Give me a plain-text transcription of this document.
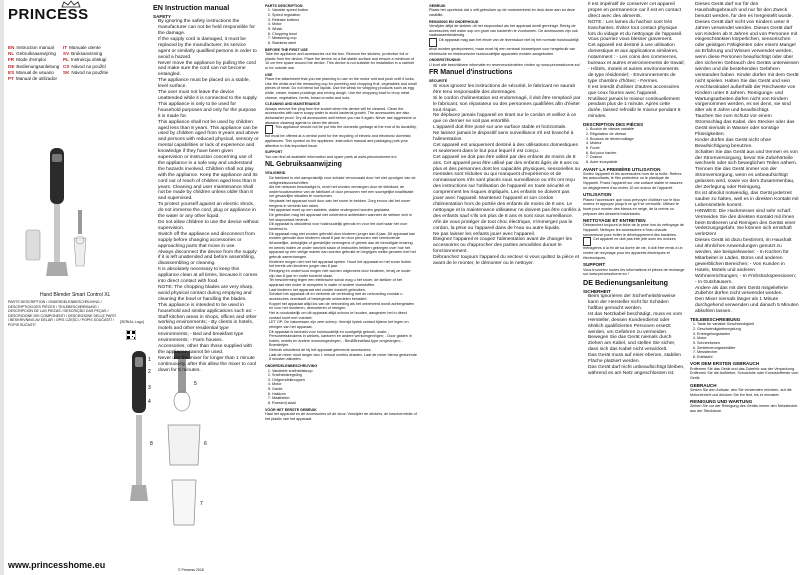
PRINCESS
EN Instruction manual	IT Manuale utente
NL Gebruiksaanwijzing	SV Bruksanvisning
FR Mode d'emploi	PL Instrukcja obsługi
DE Bedienungsanleitung CS Návod na použití
ES Manual de usuario	SK Návod na použitie
PT Manual de utilizador
Hand Blender Smart Control XL
PARTS DESCRIPTION / ONDERDELENBESCHRIJVING / DESCRIPTION DES PIÈCES / TEILEBESCHREIBUNG / DESCRIPCIÓN DE LAS PIEZAS / DESCRIÇÃO DAS PEÇAS / DESCRIZIONE DEI COMPONENTI / DESCRIZIONE DELLE PARTI / BESKRIVNING AV DELAR / OPIS CZĘŚCI / POPIS SOUČÁSTÍ / POPIS SÚČASTÍ
www.princesshome.eu
[SERIAL Logo]
1
2
3
4
8
5
6
7
© Princess 2018
EN Instruction manual
SAFETY
• By ignoring the safety instructions the manufacturer can not be held responsible for the damage.
• If the supply cord is damaged, it must be replaced by the manufacturer, its service agent or similarly qualified persons in order to avoid a hazard.
• Never move the appliance by pulling the cord and make sure the cord can not become entangled.
• The appliance must be placed on a stable, level surface.
• The user must not leave the device unattended while it is connected to the supply.
• This appliance is only to be used for household purposes and only for the purpose it is made for.
• This appliance shall not be used by children aged less than 8 years. This appliance can be used by children aged from 8 years and above and persons with reduced physical, sensory or mental capabilities or lack of experience and knowledge if they have been given supervision or instruction concerning use of the appliance in a safe way and understand the hazards involved. Children shall not play with the appliance. Keep the appliance and its cord out of reach of children aged less than 8 years. Cleaning and user maintenance shall not be made by children unless older than 8 and supervised.
• To protect yourself against an electric shock, do not immerse the cord, plug or appliance in the water or any other liquid.
• Do not allow children to use the device without supervision.
• Switch off the appliance and disconnect from supply before changing accessories or approaching parts that move in use.
• Always disconnect the device from the supply if it is left unattended and before assembling, disassembling or cleaning.
• It is absolutely necessary to keep this appliance clean at all times, because it comes into direct contact with food.
• NOTE: The chopping blades are very sharp, avoid physical contact during emptying and cleaning the bowl or handling the blades.
• This appliance is intended to be used in household and similar applications such as: - Staff kitchen areas in shops, offices and other working environments; - By clients in hotels, motels and other residential type environments; - Bed and breakfast type environments; - Farm houses.
• Accessories, other than those supplied with the appliance cannot be used.
• Never use the mixer for longer than 1 minute continuously, after this allow the mixer to cool down for 5 minutes.
PARTS DESCRIPTION
1. Variable speed button
2. Speed regulation
3. Release buttons
4. Motor
5. Whisk
6. Chopping bowl
7. Measuring cup
8. Stainless steel
BEFORE THE FIRST USE

Take the appliance and accessories out the box. Remove the stickers, protective foil or plastic from the device. Place the device on a flat stable surface and ensure a minimum of 10 cm free space around the device. This device is not suitable for installation in a cabinet or for outside use.

USE

Place the attachment that you are planning to use on the motor unit and push until it locks. Use the whisk and the measuring cup for pureeing and chopping fruit, vegetables and small pieces of meat. Do not blend hot liquids. Use the whisk for whipping products such as egg white, cream, instant puddings and mixing dough. Use the chopping bowl to chop meat, cheese, vegetables, herbs, bread crumbs and nuts.

CLEANING AND MAINTENANCE

Always remove the plug from the socket when the device will be cleaned. Clean the accessories with warm soapy water to avoid bacterial growth. The accessories are also dishwasher proof. Dry all accessories well before you use it again. Never use aggressive or abrasive cleaning agents to clean the device.

This appliance should not be put into the domestic garbage at the end of its durability, but must be offered at a central point for the recycling of electric and electronic domestic appliances. This symbol on the appliance, instruction manual and packaging puts your attention to this important issue.

SUPPORT

You can find all available information and spare parts at www.princesshome.eu!

NL Gebruiksaanwijzing
VEILIGHEID
• De fabrikant is niet aansprakelijk voor schade veroorzaakt door het niet opvolgen van de veiligheidsvoorschriften.
• Als het netsnoer beschadigd is, moet het worden vervangen door de fabrikant, de onderhoudsmonteur van de fabrikant of door personen met een soortgelijke kwalificatie om gevaarlijke situaties te voorkomen.
• Verplaats het apparaat nooit door aan het snoer te trekken. Zorg ervoor dat het snoer nergens in verstrikt kan raken.
• Het apparaat moet op een stabiele, vlakke ondergrond worden geplaatst.
• De gebruiker mag het apparaat niet onbeheerd achterlaten wanneer de stekker zich in het stopcontact bevindt.
• Dit apparaat is uitsluitend voor huishoudelijk gebruik en voor het doel waar het voor bestemd is.
• Dit apparaat mag niet worden gebruikt door kinderen jonger dan 8 jaar. Dit apparaat kan worden gebruikt door kinderen vanaf 8 jaar en door personen met verminderde lichamelijke, zintuiglijke of geestelijke vermogens of gebrek aan de benodigde ervaring en kennis indien ze onder toezicht staan of instructies hebben gekregen over hoe het apparaat op een veilige manier kan worden gebruikt en begrijpen welke gevaren met het gebruik samenhangen.
• Kinderen mogen niet met het apparaat spelen. Houd het apparaat en het snoer buiten het bereik van kinderen jonger dan 8 jaar.
• Reiniging en onderhoud mogen niet worden uitgevoerd door kinderen, tenzij ze ouder zijn dan 8 jaar en onder toezicht staan.
• Ter bescherming tegen een elektrische schok mag u het snoer, de stekker of het apparaat niet onder te dompelen in water of andere vloeistoffen.
• Laat kinderen het apparaat niet zonder toezicht gebruiken.
• Schakel het apparaat uit en verbreek de verbinding met de netvoeding voordat u accessoires verwisselt of bewegende onderdelen benadert.
• Koppel het apparaat altijd los van de netvoeding als het onbeheerd wordt achtergelaten en voor het monteren, demonteren of reinigen.
• Het is noodzakelijk om dit apparaat altijd schoon te houden, aangezien het in direct contact komt met voedsel.
• LET OP: De hakmessen zijn zeer scherp. Vermijd fysiek contact tijdens het legen en reinigen van het apparaat.
• Dit apparaat is bedoeld voor huishoudelijk en soortgelijk gebruik, zoals: - Personeelskeukens in winkels, kantoren en andere werkomgevingen; - Door gasten in hotels, motels en andere woonomgevingen; - Bed&Breakfast-type omgevingen; - Boerderijen.
• Gebruik uitsluitend de bij het apparaat geleverde accessoires.
• Laat de mixer nooit langer dan 1 minuut continu draaien. Laat de mixer hierna gedurende 5 minuten afkoelen.
ONDERDELENBESCHRIJVING
1. Variabele snelheidsknop
2. Snelheidsregeling
3. Ontgrendelknoppen
4. Motor
5. Garde
6. Hakkom
7. Maatbeker
8. Roestvrij staal
VÓÓR HET EERSTE GEBRUIK

Haal het apparaat en de accessoires uit de doos. Verwijder de stickers, de beschermfolie of het plastic van het apparaat.

GEBRUIK

Plaats het opzetstuk dat u wilt gebruiken op de motoreenheid en druk deze aan tot deze vastklikt.

REINIGING EN ONDERHOUD

Verwijder altijd de stekker uit het stopcontact als het apparaat wordt gereinigd. Reinig de accessoires met warm sop om groei van bacteriën te voorkomen. De accessoires zijn ook vaatwasserbestendig.

Dit apparaat mag aan het einde van de levensduur niet bij het normale huishoudelijk afval worden gedeponeerd, maar moet bij een centraal inzamelpunt voor hergebruik van elektrische en elektronische huishoudelijke apparaten worden aangeboden.

ONDERSTEUNING

U kunt alle beschikbare informatie en reserveonderdelen vinden op www.princesshome.eu!

FR Manuel d'instructions
SÉCURITÉ
• Si vous ignorez les instructions de sécurité, le fabricant ne saurait être tenu responsable des dommages.
• Si le cordon d'alimentation est endommagé, il doit être remplacé par le fabricant, son réparateur ou des personnes qualifiées afin d'éviter tout risque.
• Ne déplacez jamais l'appareil en tirant sur le cordon et veillez à ce que ce dernier ne soit pas entortillé.
• L'appareil doit être posé sur une surface stable et horizontale.
• Ne laissez jamais le dispositif sans surveillance s'il est branché à l'alimentation.
• Cet appareil est uniquement destiné à des utilisations domestiques et seulement dans le but pour lequel il est conçu.
• Cet appareil ne doit pas être utilisé par des enfants de moins de 8 ans. Cet appareil peut être utilisé par des enfants âgés de 8 ans ou plus et des personnes dont les capacités physiques, sensorielles ou mentales sont réduites ou qui manquent d'expérience et de connaissances s'ils sont placés sous surveillance ou s'ils ont reçu des instructions sur l'utilisation de l'appareil en toute sécurité et comprennent les risques impliqués. Les enfants ne doivent pas jouer avec l'appareil. Maintenez l'appareil et son cordon d'alimentation hors de portée des enfants de moins de 8 ans. Le nettoyage et la maintenance utilisateur ne doivent pas être confiés à des enfants sauf s'ils ont plus de 8 ans et sont sous surveillance.
• Afin de vous protéger de tout choc électrique, n'immergez pas le cordon, la prise ou l'appareil dans de l'eau ou autre liquide.
• Ne pas laisser les enfants jouer avec l'appareil.
• Éteignez l'appareil et coupez l'alimentation avant de changer les accessoires ou d'approcher des parties amovibles durant le fonctionnement.
• Débranchez toujours l'appareil du secteur si vous quittez la pièce et avant de le monter, le démonter ou le nettoyer.
• Il est impératif de conserver cet appareil propre en permanence car il est en contact direct avec des aliments.
• NOTE : Les lames du hachoir sont très tranchantes. Évitez tout contact physique lors du vidage et du nettoyage de l'appareil. Vous pourriez vous blesser gravement.
• Cet appareil est destiné à une utilisation domestique et aux applications similaires, notamment : - Les coins des commerces, bureaux et autres environnements de travail; - Hôtels, motels et autres environnements de type résidentiel; - Environnements de type chambre d'hôtes; - Fermes.
• Il est interdit d'utiliser d'autres accessoires que ceux fournis avec l'appareil.
• N'utilisez jamais le mixeur continuellement pendant plus de 1 minute. Après cette durée, laissez refroidir le mixeur pendant 5 minutes.
DESCRIPTION DES PIÈCES
1. Bouton de vitesse variable
2. Régulateur de vitesse
3. Boutons de déverrouillage
4. Moteur
5. Fouet
6. Bol pour hacher
7. Doseur
8. Acier inoxydable
AVANT LA PREMIÈRE UTILISATION

Sortez l'appareil et les accessoires hors de la boîte. Retirez les autocollants, le film protecteur ou le plastique de l'appareil. Posez l'appareil sur une surface stable et assurez un dégagement d'au moins 10 cm autour de l'appareil.

UTILISATION

Placez l'accessoire que vous prévoyez d'utiliser sur le bloc moteur et appuyez jusqu'à ce qu'il se verrouille. Utilisez le fouet pour monter des blancs en neige, de la crème ou préparer des desserts instantanés.

NETTOYAGE ET ENTRETIEN

Débranchez toujours la fiche de la prise lors du nettoyage de l'appareil. Nettoyez les accessoires à l'eau chaude savonneuse pour éviter le développement des bactéries.

Cet appareil ne doit pas être jeté avec les ordures ménagères à la fin de sa durée de vie, il doit être remis à un centre de recyclage pour les appareils électriques et électroniques.

SUPPORT

Vous trouverez toutes les informations et pièces de rechange sur www.princesshome.eu !

DE Bedienungsanleitung
SICHERHEIT
• Beim Ignorieren der Sicherheitshinweise kann der Hersteller nicht für Schäden haftbar gemacht werden.
• Ist das Netzkabel beschädigt, muss es vom Hersteller, dessen Kundendienst oder ähnlich qualifizierten Personen ersetzt werden, um Gefahren zu vermeiden.
• Bewegen Sie das Gerät niemals durch Ziehen am Kabel, und stellen Sie sicher, dass sich das Kabel nicht verwickelt.
• Das Gerät muss auf einer ebenen, stabilen Fläche platziert werden.
• Das Gerät darf nicht unbeaufsichtigt bleiben, während es am Netz angeschlossen ist.
• Dieses Gerät darf nur für den Haushaltsgebrauch und nur für den Zweck benutzt werden, für den es hergestellt wurde.
• Dieses Gerät darf nicht von Kindern unter 8 Jahren verwendet werden. Dieses Gerät darf von Kindern ab 8 Jahren und von Personen mit eingeschränkten körperlichen, sensorischen oder geistigen Fähigkeiten oder einem Mangel an Erfahrung und Wissen verwendet werden, wenn diese Personen beaufsichtigt oder über den sicheren Gebrauch des Geräts unterwiesen werden und die bestehenden Gefahren verstanden haben. Kinder dürfen mit dem Gerät nicht spielen. Halten Sie das Gerät und sein Anschlusskabel außerhalb der Reichweite von Kindern unter 8 Jahren. Reinigungs- und Wartungsarbeiten dürfen nicht von Kindern vorgenommen werden, es sei denn, sie sind älter als 8 Jahre und beaufsichtigt.
• Tauchen Sie zum Schutz vor einem Stromschlag das Kabel, den Stecker oder das Gerät niemals in Wasser oder sonstige Flüssigkeiten.
• Kinder dürfen das Gerät nicht ohne Beaufsichtigung benutzen.
• Schalten Sie das Gerät aus und trennen es von der Stromversorgung, bevor Sie Zubehörteile wechseln oder sich beweglichen Teilen nähern.
• Trennen Sie das Gerät immer von der Stromversorgung, wenn es unbeaufsichtigt gelassen wird, sowie vor dem Zusammenbau, der Zerlegung oder Reinigung.
• Es ist absolut notwendig, das Gerät jederzeit sauber zu halten, weil es in direkten Kontakt mit Lebensmitteln kommt.
• HINWEIS: Die Hackmesser sind sehr scharf. Vermeiden Sie den direkten Kontakt mit ihnen beim Entleeren und Reinigen des Geräts einer Verletzungsgefahr. Sie können sich ernsthaft verletzen!
• Dieses Gerät ist dazu bestimmt, im Haushalt und ähnlichen Anwendungen genutzt zu werden, wie beispielsweise: - In Küchen für Mitarbeiter in Läden, Büros und anderen gewerblichen Bereichen; - Von Kunden in Hotels, Motels und anderen Wohneinrichtungen; - In Frühstückspensionen; - In Gutshäusern.
• Andere als das mit dem Gerät mitgelieferte Zubehör dürfen nicht verwendet werden.
• Den Mixer niemals länger als 1 Minute durchgehend verwenden und danach 5 Minuten abkühlen lassen.
TEILEBESCHREIBUNG
1. Taste für variable Geschwindigkeit
2. Geschwindigkeitsregelung
3. Entriegelungstasten
4. Motor
5. Schneebesen
6. Zerkleinerungsbehälter
7. Messbecher
8. Edelstahl
VOR DEM ERSTEN GEBRAUCH

Entfernen Sie das Gerät und das Zubehör aus der Verpackung. Entfernen Sie die Aufkleber, Schutzfolie oder Kunststoffreste vom Gerät.

GEBRAUCH

Setzen Sie den Aufsatz, den Sie verwenden möchten, auf die Motoreinheit und drücken Sie ihn fest, bis er einrastet.

REINIGUNG UND WARTUNG

Ziehen Sie vor der Reinigung des Geräts immer den Netzstecker aus der Steckdose.
